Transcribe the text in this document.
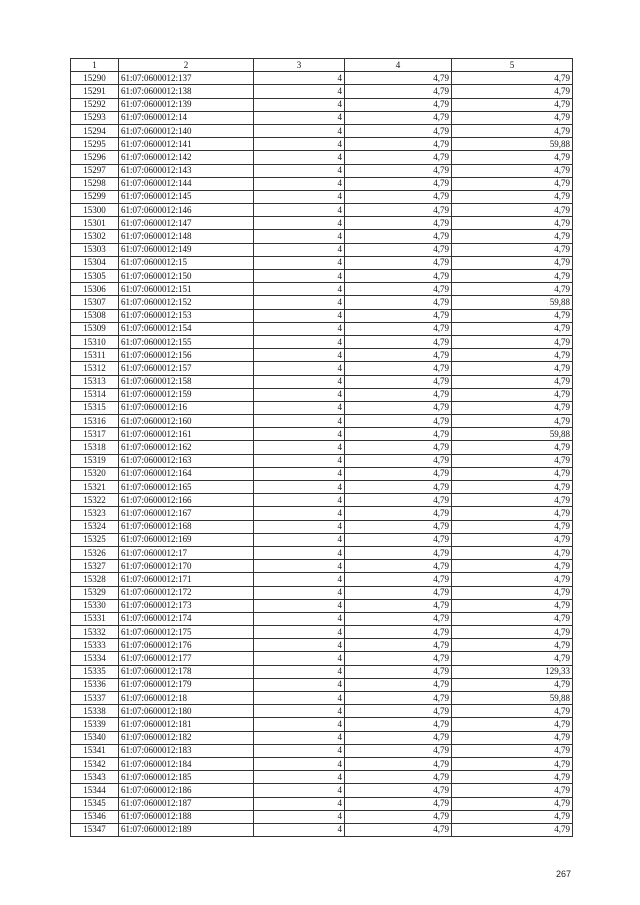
1	2	3	4	5
15290	61:07:0600012:137	4	4,79	4,79
15291	61:07:0600012:138	4	4,79	4,79
15292	61:07:0600012:139	4	4,79	4,79
15293	61:07:0600012:14	4	4,79	4,79
15294	61:07:0600012:140	4	4,79	4,79
15295	61:07:0600012:141	4	4,79	59,88
15296	61:07:0600012:142	4	4,79	4,79
15297	61:07:0600012:143	4	4,79	4,79
15298	61:07:0600012:144	4	4,79	4,79
15299	61:07:0600012:145	4	4,79	4,79
15300	61:07:0600012:146	4	4,79	4,79
15301	61:07:0600012:147	4	4,79	4,79
15302	61:07:0600012:148	4	4,79	4,79
15303	61:07:0600012:149	4	4,79	4,79
15304	61:07:0600012:15	4	4,79	4,79
15305	61:07:0600012:150	4	4,79	4,79
15306	61:07:0600012:151	4	4,79	4,79
15307	61:07:0600012:152	4	4,79	59,88
15308	61:07:0600012:153	4	4,79	4,79
15309	61:07:0600012:154	4	4,79	4,79
15310	61:07:0600012:155	4	4,79	4,79
15311	61:07:0600012:156	4	4,79	4,79
15312	61:07:0600012:157	4	4,79	4,79
15313	61:07:0600012:158	4	4,79	4,79
15314	61:07:0600012:159	4	4,79	4,79
15315	61:07:0600012:16	4	4,79	4,79
15316	61:07:0600012:160	4	4,79	4,79
15317	61:07:0600012:161	4	4,79	59,88
15318	61:07:0600012:162	4	4,79	4,79
15319	61:07:0600012:163	4	4,79	4,79
15320	61:07:0600012:164	4	4,79	4,79
15321	61:07:0600012:165	4	4,79	4,79
15322	61:07:0600012:166	4	4,79	4,79
15323	61:07:0600012:167	4	4,79	4,79
15324	61:07:0600012:168	4	4,79	4,79
15325	61:07:0600012:169	4	4,79	4,79
15326	61:07:0600012:17	4	4,79	4,79
15327	61:07:0600012:170	4	4,79	4,79
15328	61:07:0600012:171	4	4,79	4,79
15329	61:07:0600012:172	4	4,79	4,79
15330	61:07:0600012:173	4	4,79	4,79
15331	61:07:0600012:174	4	4,79	4,79
15332	61:07:0600012:175	4	4,79	4,79
15333	61:07:0600012:176	4	4,79	4,79
15334	61:07:0600012:177	4	4,79	4,79
15335	61:07:0600012:178	4	4,79	129,33
15336	61:07:0600012:179	4	4,79	4,79
15337	61:07:0600012:18	4	4,79	59,88
15338	61:07:0600012:180	4	4,79	4,79
15339	61:07:0600012:181	4	4,79	4,79
15340	61:07:0600012:182	4	4,79	4,79
15341	61:07:0600012:183	4	4,79	4,79
15342	61:07:0600012:184	4	4,79	4,79
15343	61:07:0600012:185	4	4,79	4,79
15344	61:07:0600012:186	4	4,79	4,79
15345	61:07:0600012:187	4	4,79	4,79
15346	61:07:0600012:188	4	4,79	4,79
15347	61:07:0600012:189	4	4,79	4,79
267
